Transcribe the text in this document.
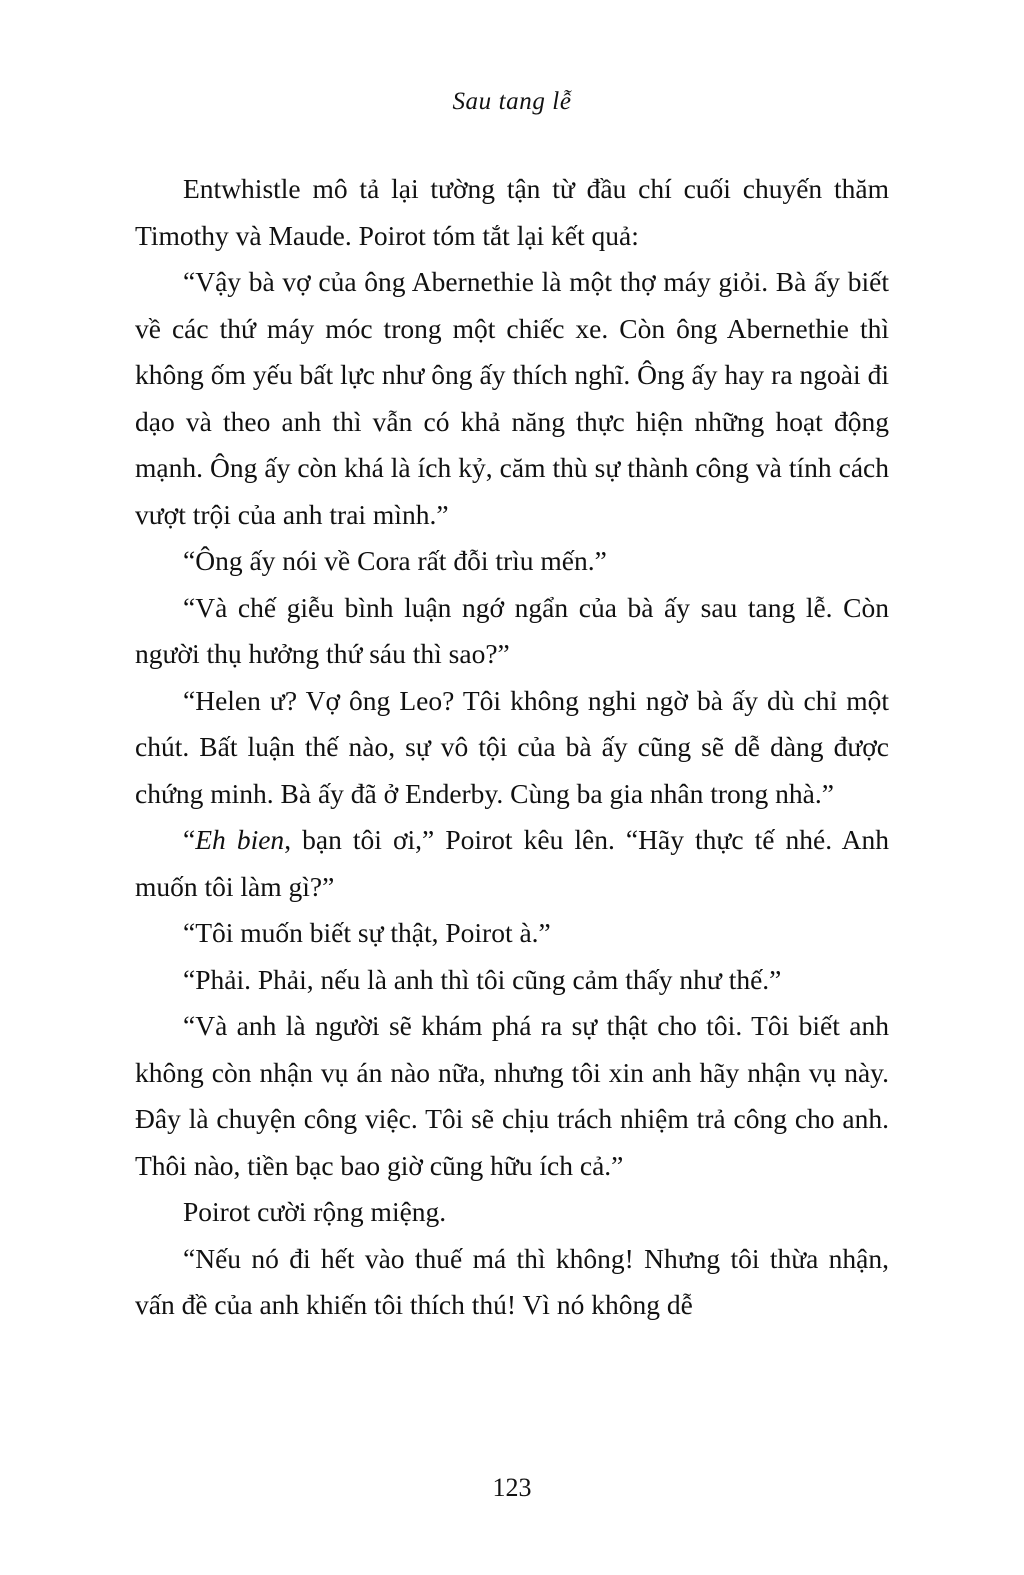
Sau tang lễ

Entwhistle mô tả lại tường tận từ đầu chí cuối chuyến thăm Timothy và Maude. Poirot tóm tắt lại kết quả:

“Vậy bà vợ của ông Abernethie là một thợ máy giỏi. Bà ấy biết về các thứ máy móc trong một chiếc xe. Còn ông Abernethie thì không ốm yếu bất lực như ông ấy thích nghĩ. Ông ấy hay ra ngoài đi dạo và theo anh thì vẫn có khả năng thực hiện những hoạt động mạnh. Ông ấy còn khá là ích kỷ, căm thù sự thành công và tính cách vượt trội của anh trai mình.”

“Ông ấy nói về Cora rất đỗi trìu mến.”

“Và chế giễu bình luận ngớ ngẩn của bà ấy sau tang lễ. Còn người thụ hưởng thứ sáu thì sao?”

“Helen ư? Vợ ông Leo? Tôi không nghi ngờ bà ấy dù chỉ một chút. Bất luận thế nào, sự vô tội của bà ấy cũng sẽ dễ dàng được chứng minh. Bà ấy đã ở Enderby. Cùng ba gia nhân trong nhà.”

“Eh bien, bạn tôi ơi,” Poirot kêu lên. “Hãy thực tế nhé. Anh muốn tôi làm gì?”

“Tôi muốn biết sự thật, Poirot à.”

“Phải. Phải, nếu là anh thì tôi cũng cảm thấy như thế.”

“Và anh là người sẽ khám phá ra sự thật cho tôi. Tôi biết anh không còn nhận vụ án nào nữa, nhưng tôi xin anh hãy nhận vụ này. Đây là chuyện công việc. Tôi sẽ chịu trách nhiệm trả công cho anh. Thôi nào, tiền bạc bao giờ cũng hữu ích cả.”

Poirot cười rộng miệng.

“Nếu nó đi hết vào thuế má thì không! Nhưng tôi thừa nhận, vấn đề của anh khiến tôi thích thú! Vì nó không dễ

123
